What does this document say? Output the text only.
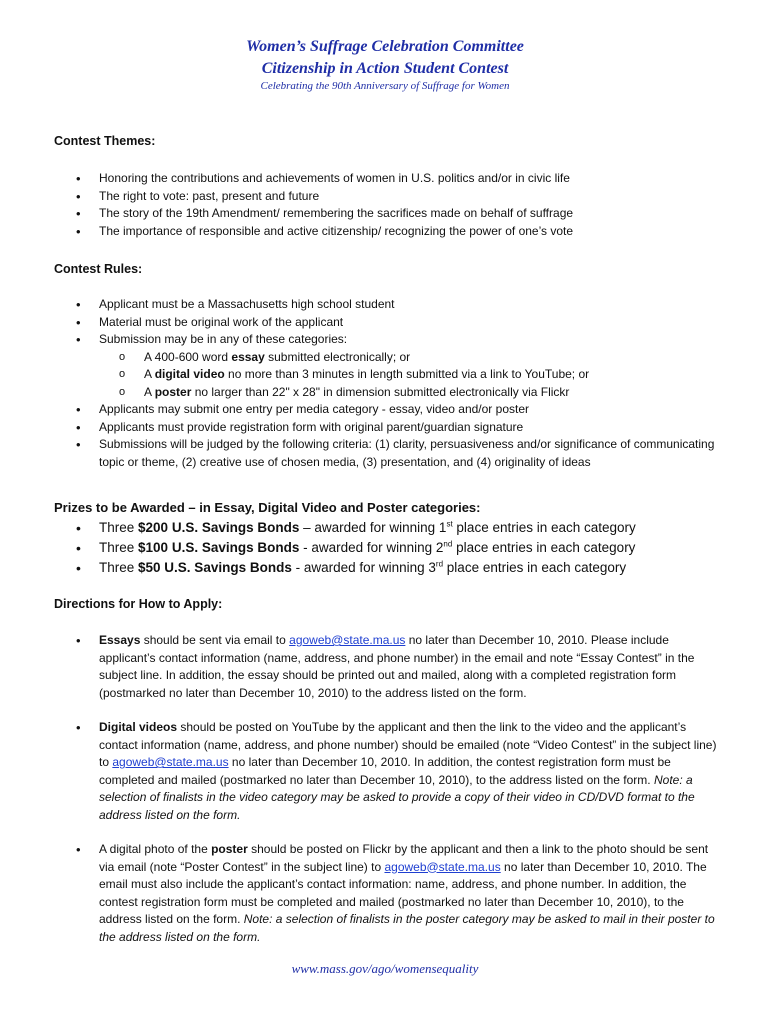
Women’s Suffrage Celebration Committee
Citizenship in Action Student Contest
Celebrating the 90th Anniversary of Suffrage for Women
Contest Themes:
• Honoring the contributions and achievements of women in U.S. politics and/or in civic life
• The right to vote: past, present and future
• The story of the 19th Amendment/ remembering the sacrifices made on behalf of suffrage
• The importance of responsible and active citizenship/ recognizing the power of one’s vote
Contest Rules:
• Applicant must be a Massachusetts high school student
• Material must be original work of the applicant
• Submission may be in any of these categories:
o A 400-600 word essay submitted electronically; or
o A digital video no more than 3 minutes in length submitted via a link to YouTube; or
o A poster no larger than 22" x 28" in dimension submitted electronically via Flickr
• Applicants may submit one entry per media category - essay, video and/or poster
• Applicants must provide registration form with original parent/guardian signature
• Submissions will be judged by the following criteria: (1) clarity, persuasiveness and/or significance of communicating topic or theme, (2) creative use of chosen media, (3) presentation, and (4) originality of ideas
Prizes to be Awarded – in Essay, Digital Video and Poster categories:
• Three $200 U.S. Savings Bonds – awarded for winning 1st place entries in each category
• Three $100 U.S. Savings Bonds - awarded for winning 2nd place entries in each category
• Three $50 U.S. Savings Bonds - awarded for winning 3rd place entries in each category
Directions for How to Apply:
• Essays should be sent via email to agoweb@state.ma.us no later than December 10, 2010. Please include applicant’s contact information (name, address, and phone number) in the email and note “Essay Contest” in the subject line. In addition, the essay should be printed out and mailed, along with a completed registration form (postmarked no later than December 10, 2010) to the address listed on the form.
• Digital videos should be posted on YouTube by the applicant and then the link to the video and the applicant’s contact information (name, address, and phone number) should be emailed (note “Video Contest” in the subject line) to agoweb@state.ma.us no later than December 10, 2010. In addition, the contest registration form must be completed and mailed (postmarked no later than December 10, 2010), to the address listed on the form. Note: a selection of finalists in the video category may be asked to provide a copy of their video in CD/DVD format to the address listed on the form.
• A digital photo of the poster should be posted on Flickr by the applicant and then a link to the photo should be sent via email (note “Poster Contest” in the subject line) to agoweb@state.ma.us no later than December 10, 2010. The email must also include the applicant’s contact information: name, address, and phone number. In addition, the contest registration form must be completed and mailed (postmarked no later than December 10, 2010), to the address listed on the form. Note: a selection of finalists in the poster category may be asked to mail in their poster to the address listed on the form.
www.mass.gov/ago/womensequality
